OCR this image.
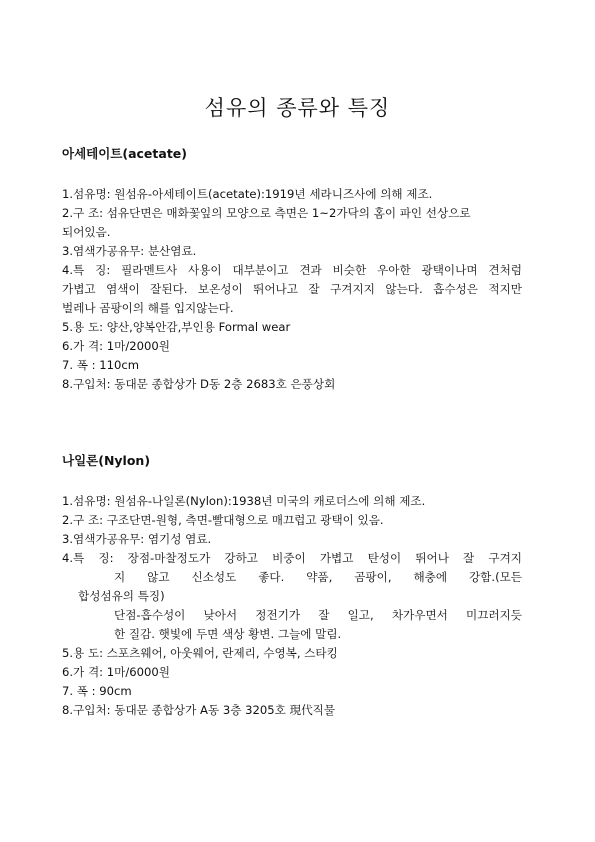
섬유의 종류와 특징
아세테이트(acetate)
1.섬유명: 원섬유-아세테이트(acetate):1919년 세라니즈사에 의해 제조.
2.구 조: 섬유단면은 매화꽃잎의 모양으로 측면은 1~2가닥의 홈이 파인 선상으로
되어있음.
3.염색가공유무: 분산염료.
4.특 징: 필라멘트사 사용이 대부분이고 견과 비슷한 우아한 광택이나며 견처럼
가볍고 염색이 잘된다. 보온성이 뛰어나고 잘 구겨지지 않는다. 흡수성은 적지만
벌레나 곰팡이의 해를 입지않는다.
5.용 도: 양산,양복안감,부인용 Formal wear
6.가 격: 1마/2000원
7. 폭 : 110cm
8.구입처: 동대문 종합상가 D동 2층 2683호 은풍상회
나일론(Nylon)
1.섬유명: 원섬유-나일론(Nylon):1938년 미국의 캐로더스에 의해 제조.
2.구 조: 구조단면-원형, 측면-빨대형으로 매끄럽고 광택이 있음.
3.염색가공유무: 염기성 염료.
4.특 징: 장점-마찰정도가 강하고 비중이 가볍고 탄성이 뛰어나 잘 구겨지
지 않고 신소성도 좋다. 약품, 곰팡이, 해충에 강함.(모든
합성섬유의 특징)
단점-흡수성이 낮아서 정전기가 잘 일고, 차가우면서 미끄러지듯
한 질감. 햇빛에 두면 색상 황변. 그늘에 말림.
5.용 도: 스포츠웨어, 아웃웨어, 란제리, 수영복, 스타킹
6.가 격: 1마/6000원
7. 폭 : 90cm
8.구입처: 동대문 종합상가 A동 3층 3205호 現代직물
